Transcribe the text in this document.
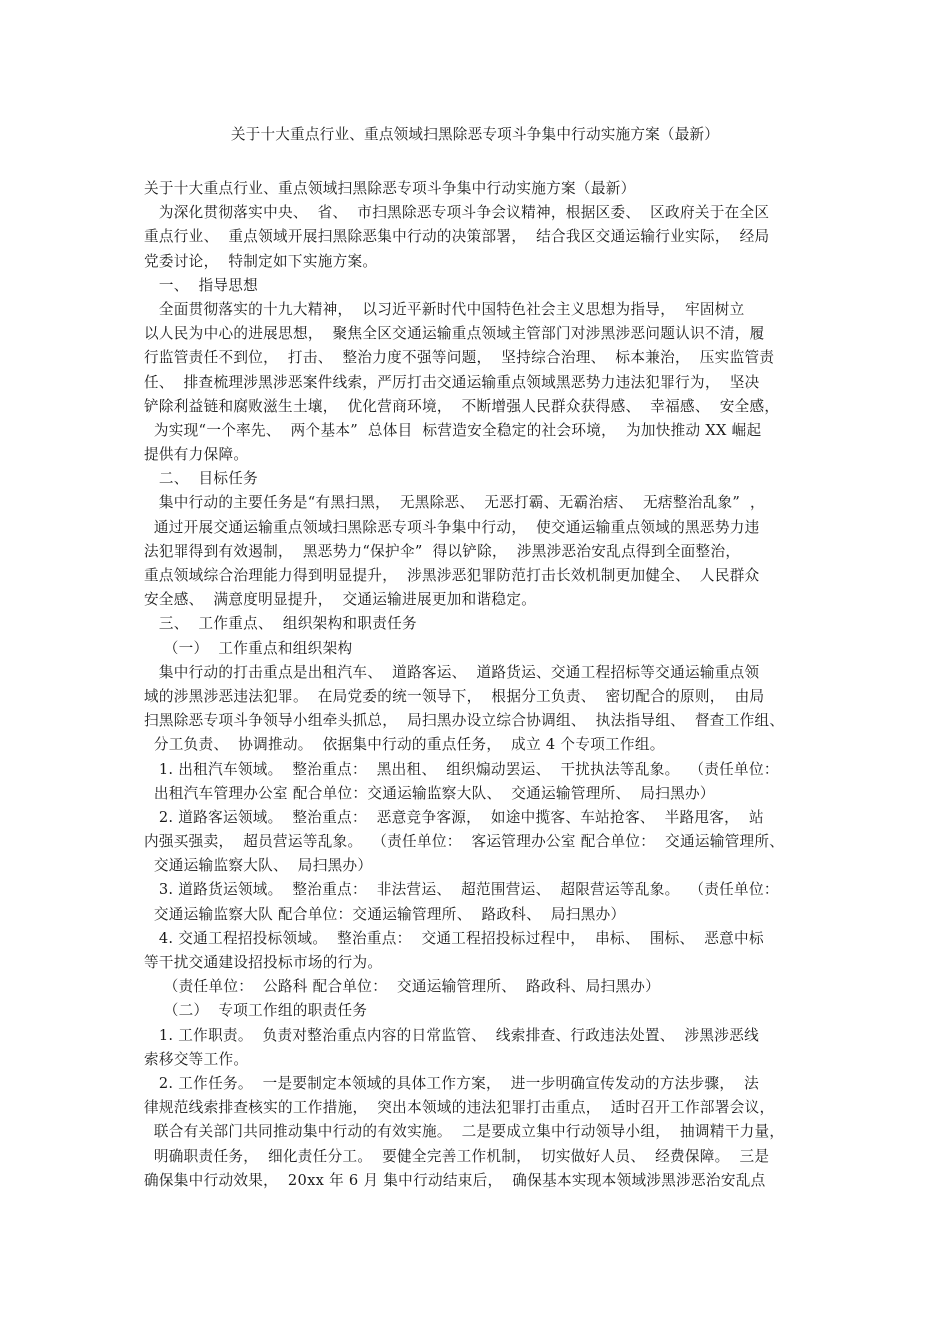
关于十大重点行业、重点领域扫黑除恶专项斗争集中行动实施方案（最新）
关于十大重点行业、重点领域扫黑除恶专项斗争集中行动实施方案（最新）
为深化贯彻落实中央、  省、  市扫黑除恶专项斗争会议精神，根据区委、  区政府关于在全区
重点行业、  重点领域开展扫黑除恶集中行动的决策部署，  结合我区交通运输行业实际，  经局
党委讨论，  特制定如下实施方案。
一、  指导思想
全面贯彻落实的十九大精神，  以习近平新时代中国特色社会主义思想为指导，  牢固树立
以人民为中心的进展思想，  聚焦全区交通运输重点领域主管部门对涉黑涉恶问题认识不清，履
行监管责任不到位，  打击、  整治力度不强等问题，  坚持综合治理、  标本兼治，  压实监管责
任、  排查梳理涉黑涉恶案件线索，严厉打击交通运输重点领域黑恶势力违法犯罪行为，  坚决
铲除利益链和腐败滋生土壤，  优化营商环境，  不断增强人民群众获得感、  幸福感、  安全感，
为实现“一个率先、  两个基本”  总体目  标营造安全稳定的社会环境，  为加快推动 XX 崛起
提供有力保障。
二、  目标任务
集中行动的主要任务是“有黑扫黑，  无黑除恶、  无恶打霸、无霸治痞、  无痞整治乱象”  ，
通过开展交通运输重点领域扫黑除恶专项斗争集中行动，  使交通运输重点领域的黑恶势力违
法犯罪得到有效遏制，  黑恶势力“保护伞”  得以铲除，  涉黑涉恶治安乱点得到全面整治，
重点领域综合治理能力得到明显提升，  涉黑涉恶犯罪防范打击长效机制更加健全、  人民群众
安全感、  满意度明显提升，  交通运输进展更加和谐稳定。
三、  工作重点、  组织架构和职责任务
（一）  工作重点和组织架构
集中行动的打击重点是出租汽车、  道路客运、  道路货运、交通工程招标等交通运输重点领
域的涉黑涉恶违法犯罪。  在局党委的统一领导下，  根据分工负责、  密切配合的原则，  由局
扫黑除恶专项斗争领导小组牵头抓总，  局扫黑办设立综合协调组、  执法指导组、  督查工作组、
分工负责、  协调推动。  依据集中行动的重点任务，  成立 4 个专项工作组。
1. 出租汽车领域。  整治重点：  黑出租、  组织煽动罢运、  干扰执法等乱象。  （责任单位：
出租汽车管理办公室 配合单位：交通运输监察大队、  交通运输管理所、  局扫黑办）
2. 道路客运领域。  整治重点：  恶意竞争客源，  如途中揽客、车站抢客、  半路甩客，  站
内强买强卖，  超员营运等乱象。  （责任单位：  客运管理办公室 配合单位：  交通运输管理所、
交通运输监察大队、  局扫黑办）
3. 道路货运领域。  整治重点：  非法营运、  超范围营运、  超限营运等乱象。  （责任单位：
交通运输监察大队 配合单位：交通运输管理所、  路政科、  局扫黑办）
4. 交通工程招投标领域。  整治重点：  交通工程招投标过程中，  串标、  围标、  恶意中标
等干扰交通建设招投标市场的行为。
（责任单位：  公路科 配合单位：  交通运输管理所、  路政科、局扫黑办）
（二）  专项工作组的职责任务
1. 工作职责。  负责对整治重点内容的日常监管、  线索排查、行政违法处置、  涉黑涉恶线
索移交等工作。
2. 工作任务。  一是要制定本领域的具体工作方案，  进一步明确宣传发动的方法步骤，  法
律规范线索排查核实的工作措施，  突出本领域的违法犯罪打击重点，  适时召开工作部署会议，
联合有关部门共同推动集中行动的有效实施。  二是要成立集中行动领导小组，  抽调精干力量，
明确职责任务，  细化责任分工。  要健全完善工作机制，  切实做好人员、  经费保障。  三是
确保集中行动效果，  20xx 年 6 月 集中行动结束后，  确保基本实现本领域涉黑涉恶治安乱点
